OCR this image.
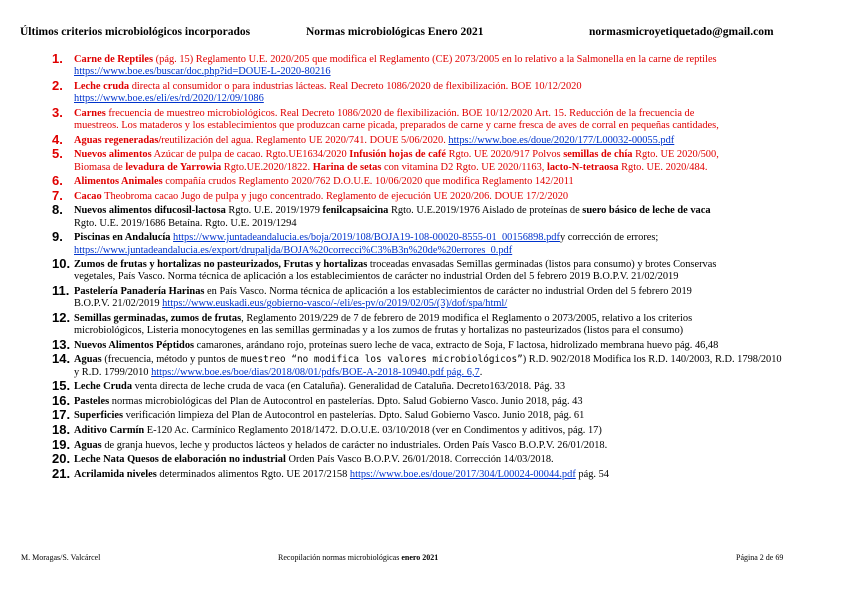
Últimos criterios microbiológicos incorporados	Normas microbiológicas Enero 2021	normasmicroyetiquetado@gmail.com
1. Carne de Reptiles (pág. 15) Reglamento U.E. 2020/205 que modifica el Reglamento (CE) 2073/2005 en lo relativo a la Salmonella en la carne de reptiles
https://www.boe.es/buscar/doc.php?id=DOUE-L-2020-80216
2. Leche cruda directa al consumidor o para industrias lácteas. Real Decreto 1086/2020 de flexibilización. BOE 10/12/2020
https://www.boe.es/eli/es/rd/2020/12/09/1086
3. Carnes frecuencia de muestreo microbiológicos. Real Decreto 1086/2020 de flexibilización. BOE 10/12/2020 Art. 15. Reducción de la frecuencia de
muestreos. Los mataderos y los establecimientos que produzcan carne picada, preparados de carne y carne fresca de aves de corral en pequeñas cantidades,
4. Aguas regeneradas/reutilización del agua. Reglamento UE 2020/741. DOUE 5/06/2020. https://www.boe.es/doue/2020/177/L00032-00055.pdf
5. Nuevos alimentos Azúcar de pulpa de cacao. Rgto.UE1634/2020 Infusión hojas de café Rgto. UE 2020/917 Polvos semillas de chía Rgto. UE 2020/500,
Biomasa de levadura de Yarrowia Rgto.UE.2020/1822. Harina de setas con vitamina D2 Rgto. UE 2020/1163, lacto-N-tetraosa Rgto. UE. 2020/484.
6. Alimentos Animales compañía crudos Reglamento 2020/762 D.O.U.E. 10/06/2020 que modifica Reglamento 142/2011
7. Cacao Theobroma cacao Jugo de pulpa y jugo concentrado. Reglamento de ejecución UE 2020/206. DOUE 17/2/2020
8. Nuevos alimentos difucosil-lactosa Rgto. U.E. 2019/1979 fenilcapsaicina Rgto. U.E.2019/1976 Aislado de proteínas de suero básico de leche de vaca
Rgto. U.E. 2019/1686 Betaína. Rgto. U.E. 2019/1294
9. Piscinas en Andalucía https://www.juntadeandalucia.es/boja/2019/108/BOJA19-108-00020-8555-01_00156898.pdfy corrección de errores;
https://www.juntadeandalucia.es/export/drupaljda/BOJA%20correcci%C3%B3n%20de%20errores_0.pdf
10. Zumos de frutas y hortalizas no pasteurizados, Frutas y hortalizas troceadas envasadas Semillas germinadas (listos para consumo) y brotes Conservas
vegetales, País Vasco. Norma técnica de aplicación a los establecimientos de carácter no industrial Orden del 5 febrero 2019 B.O.P.V. 21/02/2019
11. Pastelería Panadería Harinas en País Vasco. Norma técnica de aplicación a los establecimientos de carácter no industrial Orden del 5 febrero 2019
B.O.P.V. 21/02/2019 https://www.euskadi.eus/gobierno-vasco/-/eli/es-pv/o/2019/02/05/(3)/dof/spa/html/
12. Semillas germinadas, zumos de frutas, Reglamento 2019/229 de 7 de febrero de 2019 modifica el Reglamento o 2073/2005, relativo a los criterios
microbiológicos, Listeria monocytogenes en las semillas germinadas y a los zumos de frutas y hortalizas no pasteurizados (listos para el consumo)
13. Nuevos Alimentos Péptidos camarones, arándano rojo, proteínas suero leche de vaca, extracto de Soja, F lactosa, hidrolizado membrana huevo pág. 46,48
14. Aguas (frecuencia, método y puntos de muestreo “no modifica los valores microbiológicos”) R.D. 902/2018 Modifica los R.D. 140/2003, R.D. 1798/2010
y R.D. 1799/2010 https://www.boe.es/boe/dias/2018/08/01/pdfs/BOE-A-2018-10940.pdf pág. 6,7.
15. Leche Cruda venta directa de leche cruda de vaca (en Cataluña). Generalidad de Cataluña. Decreto163/2018. Pág. 33
16. Pasteles normas microbiológicas del Plan de Autocontrol en pastelerías. Dpto. Salud Gobierno Vasco. Junio 2018, pág. 43
17. Superficies verificación limpieza del Plan de Autocontrol en pastelerías. Dpto. Salud Gobierno Vasco. Junio 2018, pág. 61
18. Aditivo Carmín E-120 Ac. Carmínico Reglamento 2018/1472. D.O.U.E. 03/10/2018 (ver en Condimentos y aditivos, pág. 17)
19. Aguas de granja huevos, leche y productos lácteos y helados de carácter no industriales. Orden País Vasco B.O.P.V. 26/01/2018.
20. Leche Nata Quesos de elaboración no industrial Orden País Vasco B.O.P.V. 26/01/2018. Corrección 14/03/2018.
21. Acrilamida niveles determinados alimentos Rgto. UE 2017/2158 https://www.boe.es/doue/2017/304/L00024-00044.pdf pág. 54
M. Moragas/S. Valcárcel	Recopilación normas microbiológicas enero 2021	Página 2 de 69
